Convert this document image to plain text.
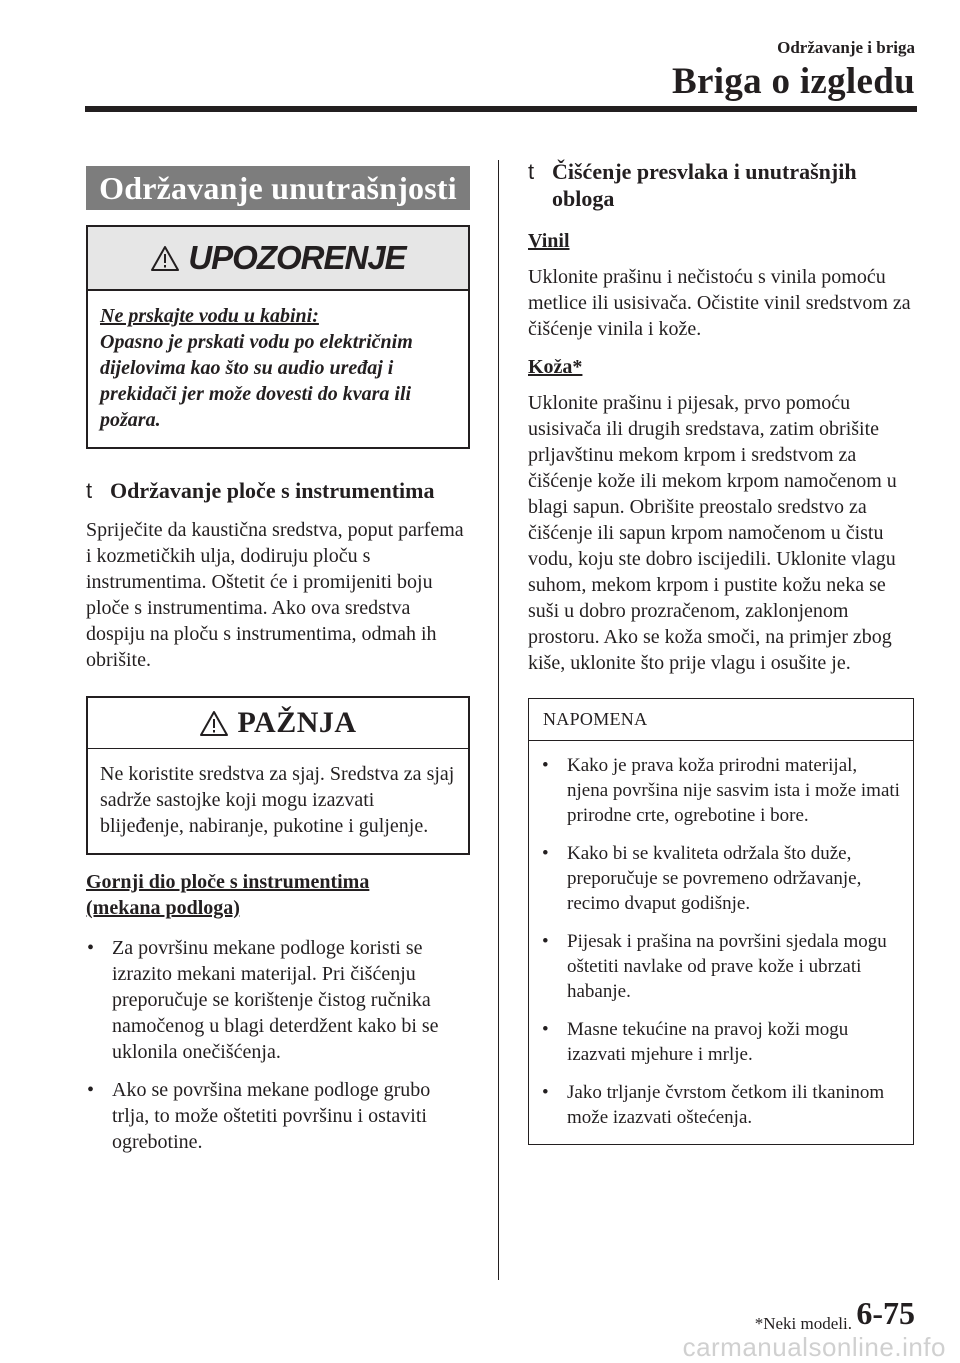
Održavanje i briga
Briga o izgledu
Održavanje unutrašnjosti
UPOZORENJE
Ne prskajte vodu u kabini:
Opasno je prskati vodu po električnim dijelovima kao što su audio uređaj i prekidači jer može dovesti do kvara ili požara.
t Održavanje ploče s instrumentima
Spriječite da kaustična sredstva, poput parfema i kozmetičkih ulja, dodiruju ploču s instrumentima. Oštetit će i promijeniti boju ploče s instrumentima. Ako ova sredstva dospiju na ploču s instrumentima, odmah ih obrišite.
PAŽNJA
Ne koristite sredstva za sjaj. Sredstva za sjaj sadrže sastojke koji mogu izazvati blijeđenje, nabiranje, pukotine i guljenje.
Gornji dio ploče s instrumentima
(mekana podloga)
• Za površinu mekane podloge koristi se izrazito mekani materijal. Pri čišćenju preporučuje se korištenje čistog ručnika namočenog u blagi deterdžent kako bi se uklonila onečišćenja.
• Ako se površina mekane podloge grubo trlja, to može oštetiti površinu i ostaviti ogrebotine.
t Čišćenje presvlaka i unutrašnjih obloga
Vinil
Uklonite prašinu i nečistoću s vinila pomoću metlice ili usisivača. Očistite vinil sredstvom za čišćenje vinila i kože.
Koža*
Uklonite prašinu i pijesak, prvo pomoću usisivača ili drugih sredstava, zatim obrišite prljavštinu mekom krpom i sredstvom za čišćenje kože ili mekom krpom namočenom u blagi sapun. Obrišite preostalo sredstvo za čišćenje ili sapun krpom namočenom u čistu vodu, koju ste dobro iscijedili. Uklonite vlagu suhom, mekom krpom i pustite kožu neka se suši u dobro prozračenom, zaklonjenom prostoru. Ako se koža smoči, na primjer zbog kiše, uklonite što prije vlagu i osušite je.
NAPOMENA
• Kako je prava koža prirodni materijal, njena površina nije sasvim ista i može imati prirodne crte, ogrebotine i bore.
• Kako bi se kvaliteta održala što duže, preporučuje se povremeno održavanje, recimo dvaput godišnje.
• Pijesak i prašina na površini sjedala mogu oštetiti navlake od prave kože i ubrzati habanje.
• Masne tekućine na pravoj koži mogu izazvati mjehure i mrlje.
• Jako trljanje čvrstom četkom ili tkaninom može izazvati oštećenja.
*Neki modeli. 6-75
carmanualsonline.info
